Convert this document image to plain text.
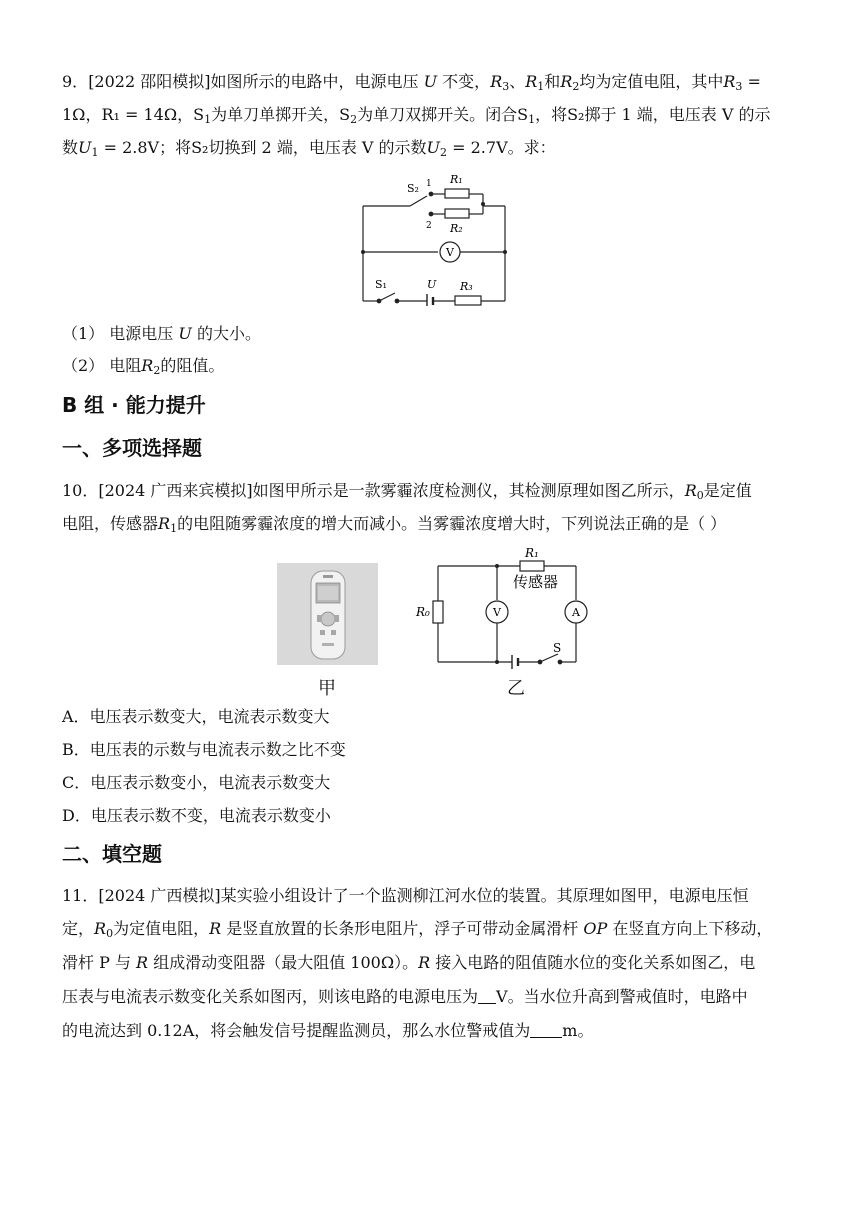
9．[2022 邵阳模拟]如图所示的电路中，电源电压 U 不变，$R_3$、$R_1$和$R_2$均为定值电阻，其中$R_3$ =
1Ω，R₁ = 14Ω，$S_1$为单刀单掷开关，$S_2$为单刀双掷开关。闭合$S_1$，将S₂掷于 1 端，电压表 V 的示
数$U_1 = 2.8V$；将S₂切换到 2 端，电压表 V 的示数$U_2 = 2.7V$。求：
S₂ 1
2
R₁
R₂
V
S₁	U R₃
（1） 电源电压 U 的大小。
（2） 电阻$R_2$的阻值。
B 组 · 能力提升
一、多项选择题
10．[2024 广西来宾模拟]如图甲所示是一款雾霾浓度检测仪，其检测原理如图乙所示，$R_0$是定值
电阻，传感器$R_1$的电阻随雾霾浓度的增大而减小。当雾霾浓度增大时，下列说法正确的是（ ）
甲
R₁
传感器
R₀	V	A
S
乙
A．电压表示数变大，电流表示数变大
B．电压表的示数与电流表示数之比不变
C．电压表示数变小，电流表示数变大
D．电压表示数不变，电流表示数变小
二、填空题
11．[2024 广西模拟]某实验小组设计了一个监测柳江河水位的装置。其原理如图甲，电源电压恒
定，$R_0$为定值电阻，R 是竖直放置的长条形电阻片，浮子可带动金属滑杆 OP 在竖直方向上下移动，
滑杆 P 与 R 组成滑动变阻器（最大阻值 100Ω）。R 接入电路的阻值随水位的变化关系如图乙，电
压表与电流表示数变化关系如图丙，则该电路的电源电压为 V。当水位升高到警戒值时，电路中
的电流达到 0.12A，将会触发信号提醒监测员，那么水位警戒值为 m。
